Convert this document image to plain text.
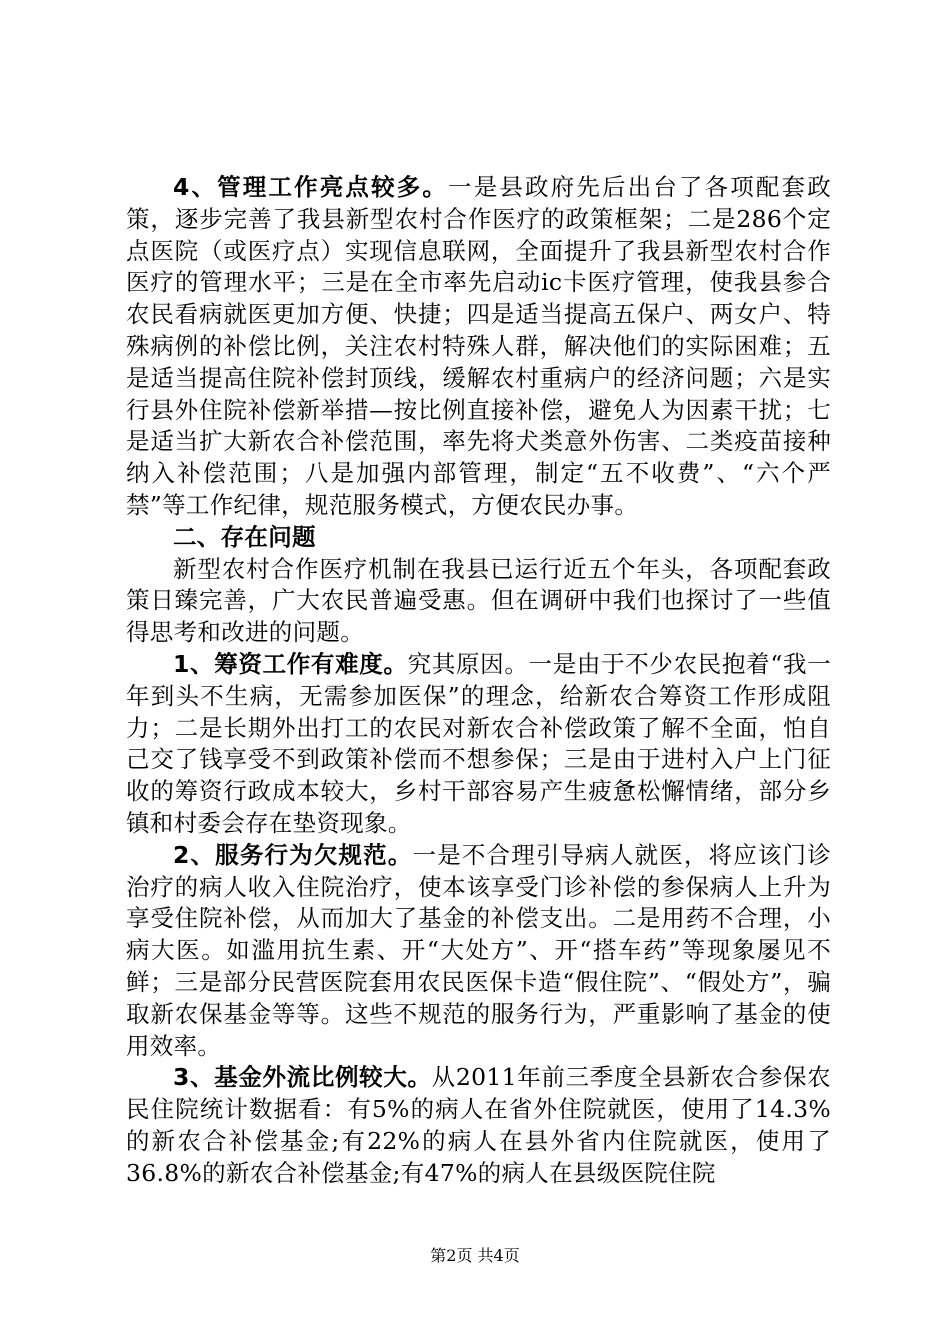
4、管理工作亮点较多。一是县政府先后出台了各项配套政策，逐步完善了我县新型农村合作医疗的政策框架；二是286个定点医院（或医疗点）实现信息联网，全面提升了我县新型农村合作医疗的管理水平；三是在全市率先启动ic卡医疗管理，使我县参合农民看病就医更加方便、快捷；四是适当提高五保户、两女户、特殊病例的补偿比例，关注农村特殊人群，解决他们的实际困难；五是适当提高住院补偿封顶线，缓解农村重病户的经济问题；六是实行县外住院补偿新举措—按比例直接补偿，避免人为因素干扰；七是适当扩大新农合补偿范围，率先将犬类意外伤害、二类疫苗接种纳入补偿范围；八是加强内部管理，制定“五不收费”、“六个严禁”等工作纪律，规范服务模式，方便农民办事。

二、存在问题

新型农村合作医疗机制在我县已运行近五个年头，各项配套政策日臻完善，广大农民普遍受惠。但在调研中我们也探讨了一些值得思考和改进的问题。

1、筹资工作有难度。究其原因。一是由于不少农民抱着“我一年到头不生病，无需参加医保”的理念，给新农合筹资工作形成阻力；二是长期外出打工的农民对新农合补偿政策了解不全面，怕自己交了钱享受不到政策补偿而不想参保；三是由于进村入户上门征收的筹资行政成本较大，乡村干部容易产生疲惫松懈情绪，部分乡镇和村委会存在垫资现象。

2、服务行为欠规范。一是不合理引导病人就医，将应该门诊治疗的病人收入住院治疗，使本该享受门诊补偿的参保病人上升为享受住院补偿，从而加大了基金的补偿支出。二是用药不合理，小病大医。如滥用抗生素、开“大处方”、开“搭车药”等现象屡见不鲜；三是部分民营医院套用农民医保卡造“假住院”、“假处方”，骗取新农保基金等等。这些不规范的服务行为，严重影响了基金的使用效率。

3、基金外流比例较大。从2011年前三季度全县新农合参保农民住院统计数据看：有5%的病人在省外住院就医，使用了14.3%的新农合补偿基金;有22%的病人在县外省内住院就医，使用了36.8%的新农合补偿基金;有47%的病人在县级医院住院

第2页 共4页
